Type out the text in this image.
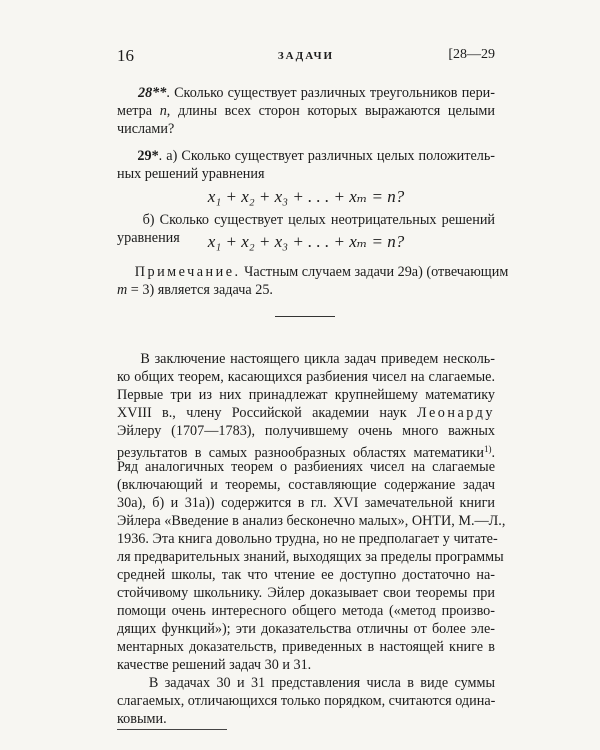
16	ЗАДАЧИ	[28—29
28**. Сколько существует различных треугольников пери-
метра n, длины всех сторон которых выражаются целыми
числами?
29*. а) Сколько существует различных целых положитель-
ных решений уравнения
x₁ + x₂ + x₃ + . . . + xₘ = n?
б) Сколько существует целых неотрицательных решений
уравнения	x₁ + x₂ + x₃ + . . . + xₘ = n?
Примечание. Частным случаем задачи 29а) (отвечающим
m = 3) является задача 25.
В заключение настоящего цикла задач приведем несколь-
ко общих теорем, касающихся разбиения чисел на слагаемые.
Первые три из них принадлежат крупнейшему математику
XVIII в., члену Российской академии наук Леонарду
Эйлеру (1707—1783), получившему очень много важных
результатов в самых разнообразных областях математики$^{1)}$.
Ряд аналогичных теорем о разбиениях чисел на слагаемые
(включающий и теоремы, составляющие содержание задач
30а), б) и 31а)) содержится в гл. XVI замечательной книги
Эйлера «Введение в анализ бесконечно малых», ОНТИ, М.—Л.,
1936. Эта книга довольно трудна, но не предполагает у читате-
ля предварительных знаний, выходящих за пределы программы
средней школы, так что чтение ее доступно достаточно на-
стойчивому школьнику. Эйлер доказывает свои теоремы при
помощи очень интересного общего метода («метод произво-
дящих функций»); эти доказательства отличны от более эле-
ментарных доказательств, приведенных в настоящей книге в
качестве решений задач 30 и 31.
В задачах 30 и 31 представления числа в виде суммы
слагаемых, отличающихся только порядком, считаются одина-
ковыми.
